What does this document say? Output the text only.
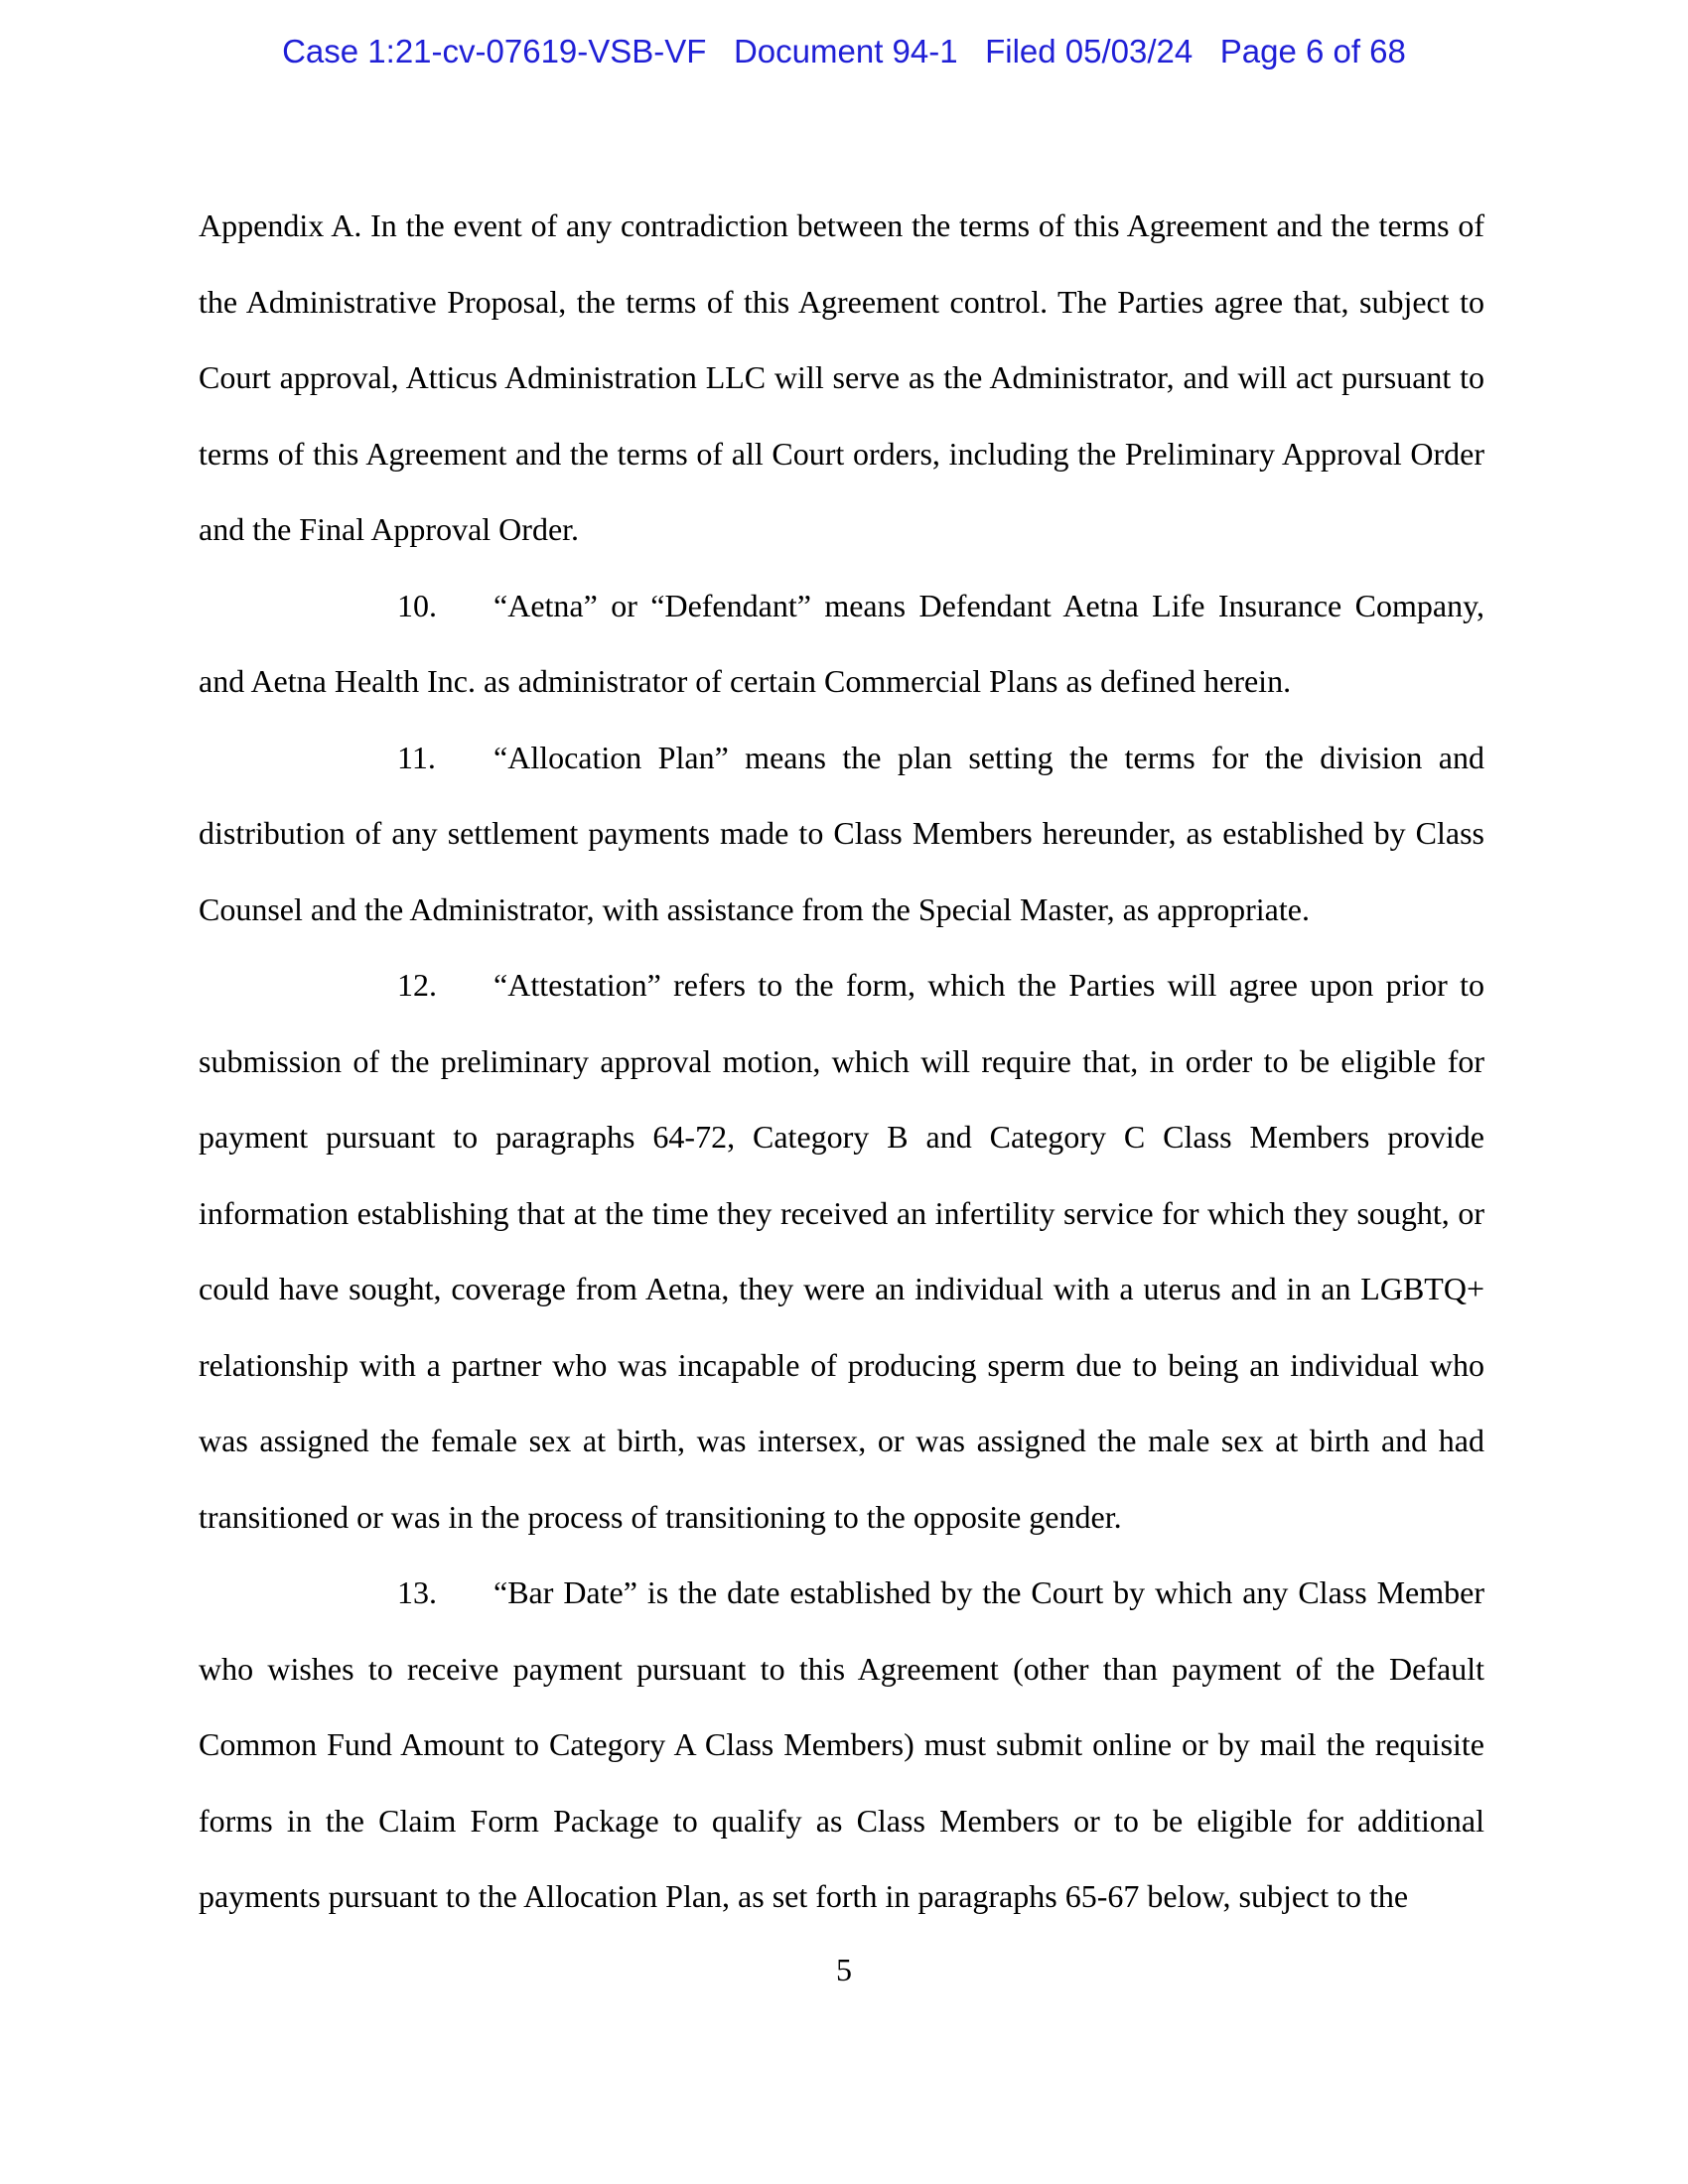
Case 1:21-cv-07619-VSB-VF   Document 94-1   Filed 05/03/24   Page 6 of 68

Appendix A. In the event of any contradiction between the terms of this Agreement and the terms of the Administrative Proposal, the terms of this Agreement control. The Parties agree that, subject to Court approval, Atticus Administration LLC will serve as the Administrator, and will act pursuant to terms of this Agreement and the terms of all Court orders, including the Preliminary Approval Order and the Final Approval Order.

10. “Aetna” or “Defendant” means Defendant Aetna Life Insurance Company, and Aetna Health Inc. as administrator of certain Commercial Plans as defined herein.

11. “Allocation Plan” means the plan setting the terms for the division and distribution of any settlement payments made to Class Members hereunder, as established by Class Counsel and the Administrator, with assistance from the Special Master, as appropriate.

12. “Attestation” refers to the form, which the Parties will agree upon prior to submission of the preliminary approval motion, which will require that, in order to be eligible for payment pursuant to paragraphs 64-72, Category B and Category C Class Members provide information establishing that at the time they received an infertility service for which they sought, or could have sought, coverage from Aetna, they were an individual with a uterus and in an LGBTQ+ relationship with a partner who was incapable of producing sperm due to being an individual who was assigned the female sex at birth, was intersex, or was assigned the male sex at birth and had transitioned or was in the process of transitioning to the opposite gender.

13. “Bar Date” is the date established by the Court by which any Class Member who wishes to receive payment pursuant to this Agreement (other than payment of the Default Common Fund Amount to Category A Class Members) must submit online or by mail the requisite forms in the Claim Form Package to qualify as Class Members or to be eligible for additional payments pursuant to the Allocation Plan, as set forth in paragraphs 65-67 below, subject to the

5
